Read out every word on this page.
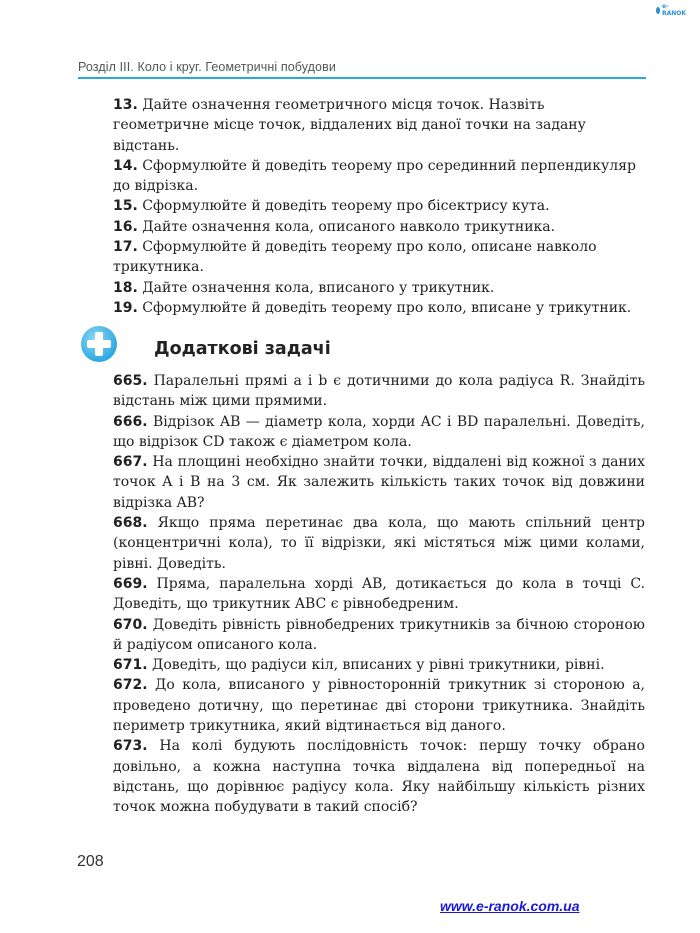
e-RANOK
Розділ III. Коло і круг. Геометричні побудови

13. Дайте означення геометричного місця точок. Назвіть геометричне місце точок, віддалених від даної точки на задану відстань.

14. Сформулюйте й доведіть теорему про серединний перпендикуляр до відрізка.

15. Сформулюйте й доведіть теорему про бісектрису кута.

16. Дайте означення кола, описаного навколо трикутника.

17. Сформулюйте й доведіть теорему про коло, описане навколо трикутника.

18. Дайте означення кола, вписаного у трикутник.

19. Сформулюйте й доведіть теорему про коло, вписане у трикутник.

Додаткові задачі

665. Паралельні прямі a і b є дотичними до кола радіуса R. Знайдіть відстань між цими прямими.

666. Відрізок AB — діаметр кола, хорди AC і BD паралельні. Доведіть, що відрізок CD також є діаметром кола.

667. На площині необхідно знайти точки, віддалені від кожної з даних точок A і B на 3 см. Як залежить кількість таких точок від довжини відрізка AB?

668. Якщо пряма перетинає два кола, що мають спільний центр (концентричні кола), то її відрізки, які містяться між цими колами, рівні. Доведіть.

669. Пряма, паралельна хорді AB, дотикається до кола в точці C. Доведіть, що трикутник ABC є рівнобедреним.

670. Доведіть рівність рівнобедрених трикутників за бічною стороною й радіусом описаного кола.

671. Доведіть, що радіуси кіл, вписаних у рівні трикутники, рівні.

672. До кола, вписаного у рівносторонній трикутник зі стороною a, проведено дотичну, що перетинає дві сторони трикутника. Знайдіть периметр трикутника, який відтинається від даного.

673. На колі будують послідовність точок: першу точку обрано довільно, а кожна наступна точка віддалена від попередньої на відстань, що дорівнює радіусу кола. Яку найбільшу кількість різних точок можна побудувати в такий спосіб?

208
www.e-ranok.com.ua
